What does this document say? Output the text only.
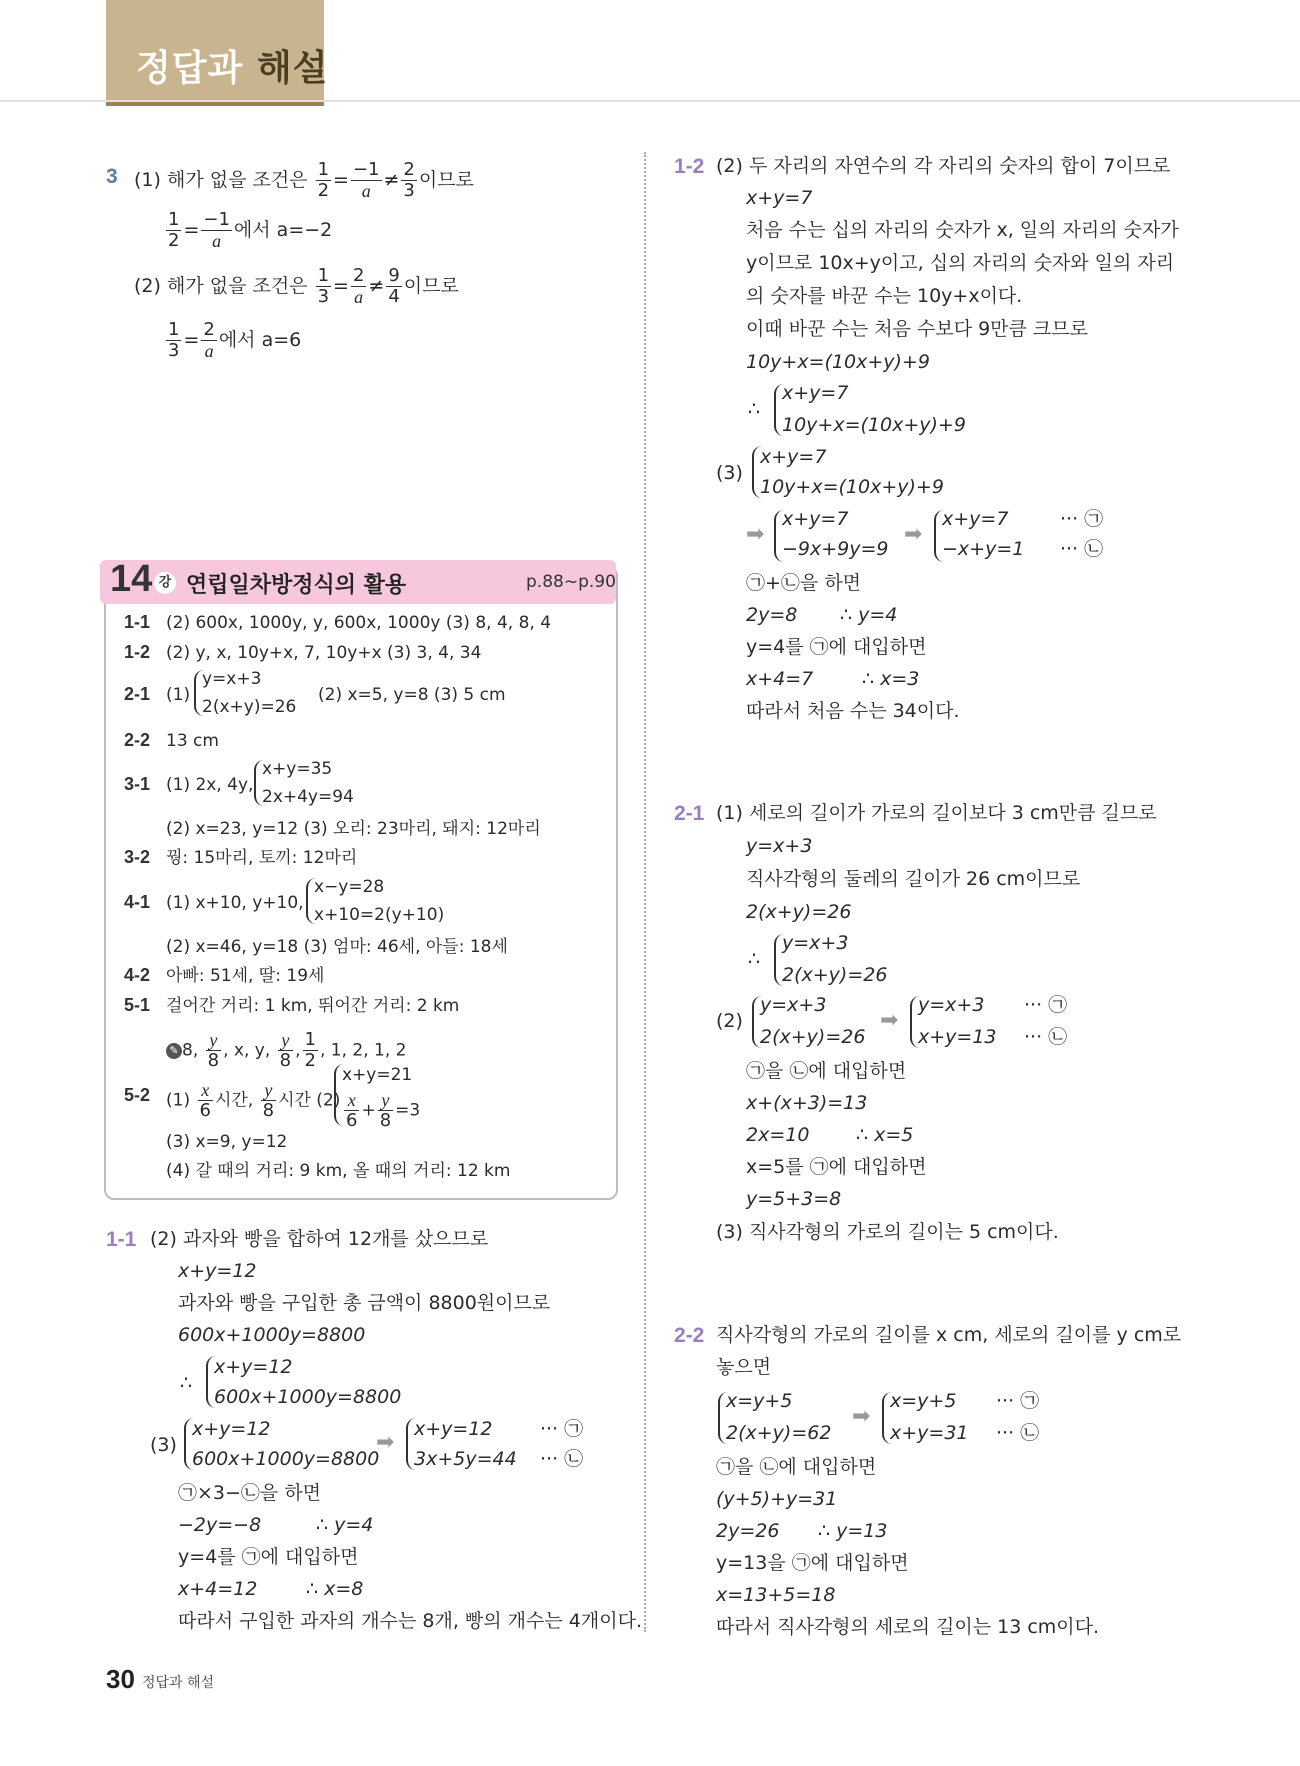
정답과 해설
3 (1) 해가 없을 조건은 $\frac{1}{2} = \frac{-1}{a} \ne \frac{2}{3}$ 이므로
$\frac{1}{2} = \frac{-1}{a}$ 에서 a=−2
(2) 해가 없을 조건은 $\frac{1}{3} = \frac{2}{a} \ne \frac{9}{4}$ 이므로
$\frac{1}{3} = \frac{2}{a}$ 에서 a=6
14 강 연립일차방정식의 활용	p.88~p.90
1-1 (2) 600x, 1000y, y, 600x, 1000y (3) 8, 4, 8, 4
1-2 (2) y, x, 10y+x, 7, 10y+x (3) 3, 4, 34
2-1 (1)
y=x+3
2(x+y)=26
(2) x=5, y=8 (3) 5 cm
2-2 13 cm
3-1 (1) 2x, 4y,
x+y=35
2x+4y=94
(2) x=23, y=12 (3) 오리: 23마리, 돼지: 12마리
3-2 꿩: 15마리, 토끼: 12마리
4-1 (1) x+10, y+10,
x−y=28
x+10=2(y+10)
(2) x=46, y=18 (3) 엄마: 46세, 아들: 18세
4-2 아빠: 51세, 딸: 19세
5-1 걸어간 거리: 1 km, 뛰어간 거리: 2 km
✎ 8, $\frac{y}{8}$ , x, y, $\frac{y}{8}$ , $\frac{1}{2}$ , 1, 2, 1, 2
5-2 $(1) \frac{x}{6}$ 시간, $\frac{y}{8}$ 시간 (2)
x+y=21
$\frac{x}{6} + \frac{y}{8} =3$
(3) x=9, y=12
(4) 갈 때의 거리: 9 km, 올 때의 거리: 12 km
1-1 (2) 과자와 빵을 합하여 12개를 샀으므로
x+y=12
과자와 빵을 구입한 총 금액이 8800원이므로
600x+1000y=8800
∴
x+y=12
600x+1000y=8800
(3)
x+y=12
600x+1000y=8800
➡
x+y=12
3x+5y=44
··· ㉠
··· ㉡
㉠×3−㉡을 하면
−2y=−8	∴ y=4
y=4를 ㉠에 대입하면
x+4=12	∴ x=8
따라서 구입한 과자의 개수는 8개, 빵의 개수는 4개이다.
1-2 (2) 두 자리의 자연수의 각 자리의 숫자의 합이 7이므로
x+y=7
처음 수는 십의 자리의 숫자가 x, 일의 자리의 숫자가
y이므로 10x+y이고, 십의 자리의 숫자와 일의 자리
의 숫자를 바꾼 수는 10y+x이다.
이때 바꾼 수는 처음 수보다 9만큼 크므로
10y+x=(10x+y)+9
∴
x+y=7
10y+x=(10x+y)+9
(3)
x+y=7
10y+x=(10x+y)+9
➡
x+y=7
−9x+9y=9
➡
x+y=7
−x+y=1
··· ㉠
··· ㉡
㉠+㉡을 하면
2y=8 ∴ y=4
y=4를 ㉠에 대입하면
x+4=7	∴ x=3
따라서 처음 수는 34이다.
2-1 (1) 세로의 길이가 가로의 길이보다 3 cm만큼 길므로
y=x+3
직사각형의 둘레의 길이가 26 cm이므로
2(x+y)=26
∴
y=x+3
2(x+y)=26
(2)
y=x+3
2(x+y)=26
➡
y=x+3
x+y=13
··· ㉠
··· ㉡
㉠을 ㉡에 대입하면
x+(x+3)=13
2x=10 ∴ x=5
x=5를 ㉠에 대입하면
y=5+3=8
(3) 직사각형의 가로의 길이는 5 cm이다.
2-2 직사각형의 가로의 길이를 x cm, 세로의 길이를 y cm로
놓으면
x=y+5
2(x+y)=62
➡
x=y+5
x+y=31
··· ㉠
··· ㉡
㉠을 ㉡에 대입하면
(y+5)+y=31
2y=26 ∴ y=13
y=13을 ㉠에 대입하면
x=13+5=18
따라서 직사각형의 세로의 길이는 13 cm이다.
30 정답과 해설
